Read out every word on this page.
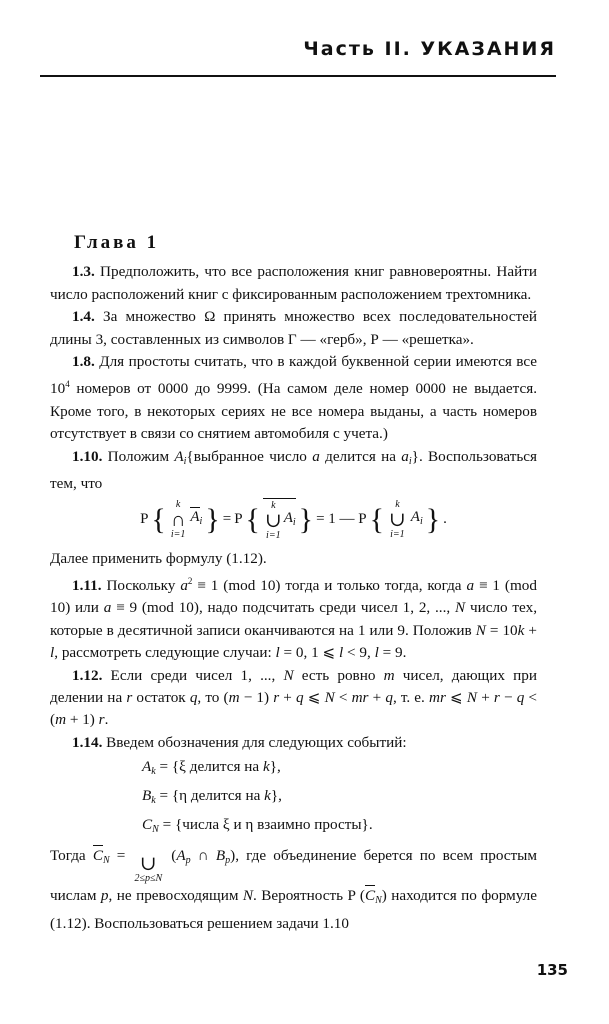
Часть II. УКАЗАНИЯ
Глава 1

1.3. Предположить, что все расположения книг равновероятны. Найти число расположений книг с фиксированным расположением трехтомника.

1.4. За множество Ω принять множество всех последовательностей длины 3, составленных из символов Г — «герб», Р — «решетка».

1.8. Для простоты считать, что в каждой буквенной серии имеются все $10^4$ номеров от 0000 до 9999. (На самом деле номер 0000 не выдается. Кроме того, в некоторых сериях не все номера выданы, а часть номеров отсутствует в связи со снятием автомобиля с учета.)

1.10. Положим $A_i\{выбранное$ число a делится на $a_i$}. Воспользоваться тем, что

P { k
∩
i=1
$A_i$ } = P { k
∪
i=1
$A_i$ } = 1 — P { k
∪
i=1
$A_i$ } .

Далее применить формулу (1.12).

1.11. Поскольку $a^2 \equiv 1$ (mod 10) тогда и только тогда, когда a ≡ 1 (mod 10) или a ≡ 9 (mod 10), надо подсчитать среди чисел 1, 2, ..., N число тех, которые в десятичной записи оканчиваются на 1 или 9. Положив N = 10k + l, рассмотреть следующие случаи: l = 0, 1 ⩽ l < 9, l = 9.

1.12. Если среди чисел 1, ..., N есть ровно m чисел, дающих при делении на r остаток q, то (m − 1) r + q ⩽ N < mr + q, т. е. mr ⩽ N + r − q < (m + 1) r.

1.14. Введем обозначения для следующих событий:

$A_k = \{\xi$ делится на k},
$B_k = \{\eta$ делится на k},
$C_N$ = {числа ξ и η взаимно просты}.

Тогда $C_N$ = ∪
2≤p≤N
($A_p$ ∩ $B_p$), где объединение берется по всем простым числам p, не превосходящим N. Вероятность P $(C_N)$ находится по формуле (1.12). Воспользоваться решением задачи 1.10

135
